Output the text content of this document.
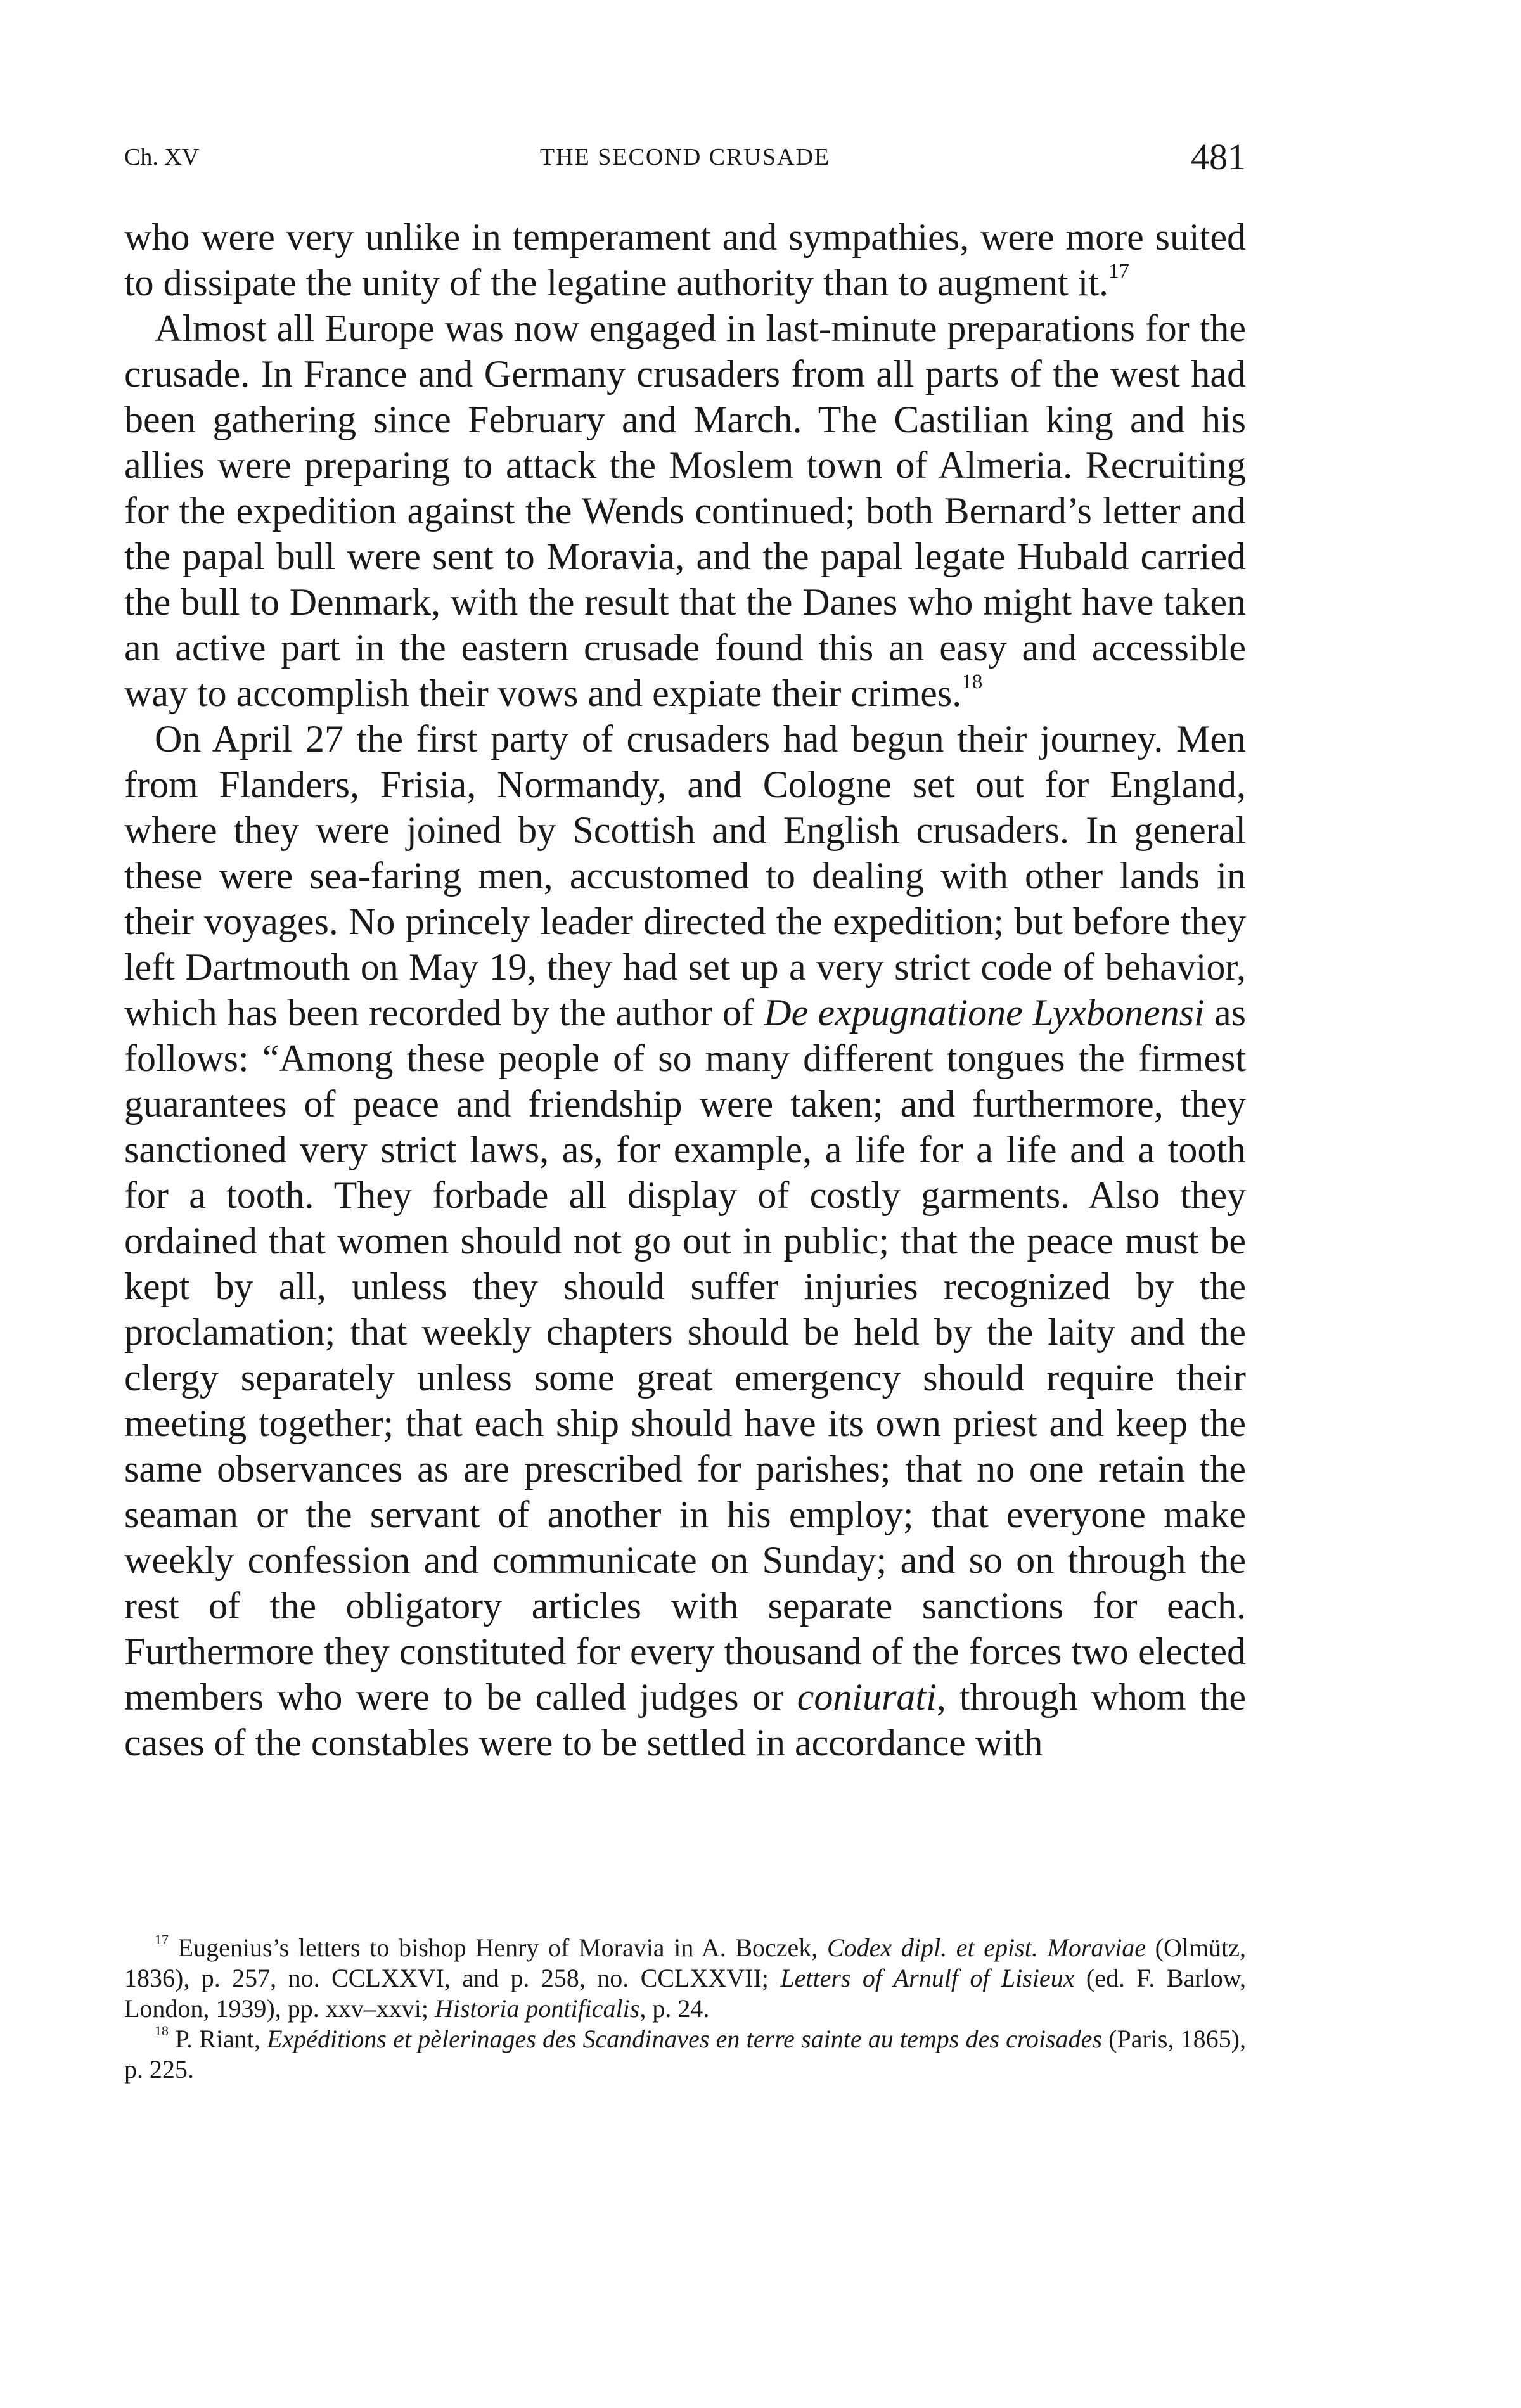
Ch. XV	THE SECOND CRUSADE	481

who were very unlike in temperament and sympathies, were more suited to dissipate the unity of the legatine authority than to augment it.$^{17}$

Almost all Europe was now engaged in last-minute preparations for the crusade. In France and Germany crusaders from all parts of the west had been gathering since February and March. The Castilian king and his allies were preparing to attack the Moslem town of Almeria. Recruiting for the expedition against the Wends continued; both Bernard’s letter and the papal bull were sent to Moravia, and the papal legate Hubald carried the bull to Denmark, with the result that the Danes who might have taken an active part in the eastern crusade found this an easy and accessible way to accomplish their vows and expiate their crimes.$^{18}$

On April 27 the first party of crusaders had begun their journey. Men from Flanders, Frisia, Normandy, and Cologne set out for England, where they were joined by Scottish and English crusaders. In general these were sea-faring men, accustomed to dealing with other lands in their voyages. No princely leader directed the expedition; but before they left Dartmouth on May 19, they had set up a very strict code of behavior, which has been recorded by the author of De expugnatione Lyxbonensi as follows: “Among these people of so many different tongues the firmest guarantees of peace and friendship were taken; and furthermore, they sanctioned very strict laws, as, for example, a life for a life and a tooth for a tooth. They forbade all display of costly garments. Also they ordained that women should not go out in public; that the peace must be kept by all, unless they should suffer injuries recognized by the proclamation; that weekly chapters should be held by the laity and the clergy separately unless some great emergency should require their meeting together; that each ship should have its own priest and keep the same observances as are prescribed for parishes; that no one retain the seaman or the servant of another in his employ; that everyone make weekly confession and communicate on Sunday; and so on through the rest of the obligatory articles with separate sanctions for each. Furthermore they constituted for every thousand of the forces two elected members who were to be called judges or coniurati, through whom the cases of the constables were to be settled in accordance with

$^{17}$ Eugenius’s letters to bishop Henry of Moravia in A. Boczek, Codex dipl. et epist. Moraviae (Olmütz, 1836), p. 257, no. CCLXXVI, and p. 258, no. CCLXXVII; Letters of Arnulf of Lisieux (ed. F. Barlow, London, 1939), pp. xxv–xxvi; Historia pontificalis, p. 24.

$^{18}$ P. Riant, Expéditions et pèlerinages des Scandinaves en terre sainte au temps des croisades (Paris, 1865), p. 225.
